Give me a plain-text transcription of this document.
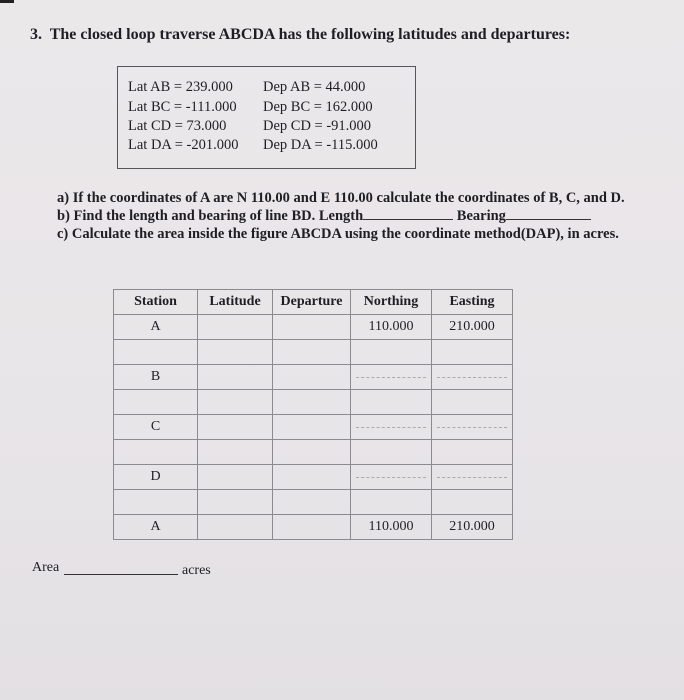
3. The closed loop traverse ABCDA has the following latitudes and departures:
Lat AB = 239.000 Dep AB = 44.000
Lat BC = -111.000 Dep BC = 162.000
Lat CD = 73.000	Dep CD = -91.000
Lat DA = -201.000 Dep DA = -115.000
a) If the coordinates of A are N 110.00 and E 110.00 calculate the coordinates of B, C, and D.
b) Find the length and bearing of line BD. Length	Bearing
c) Calculate the area inside the figure ABCDA using the coordinate method(DAP), in acres.
Station	Latitude	Departure	Northing	Easting
A			110.000	210.000

B			

C			

D			

A			110.000	210.000
Area	acres
